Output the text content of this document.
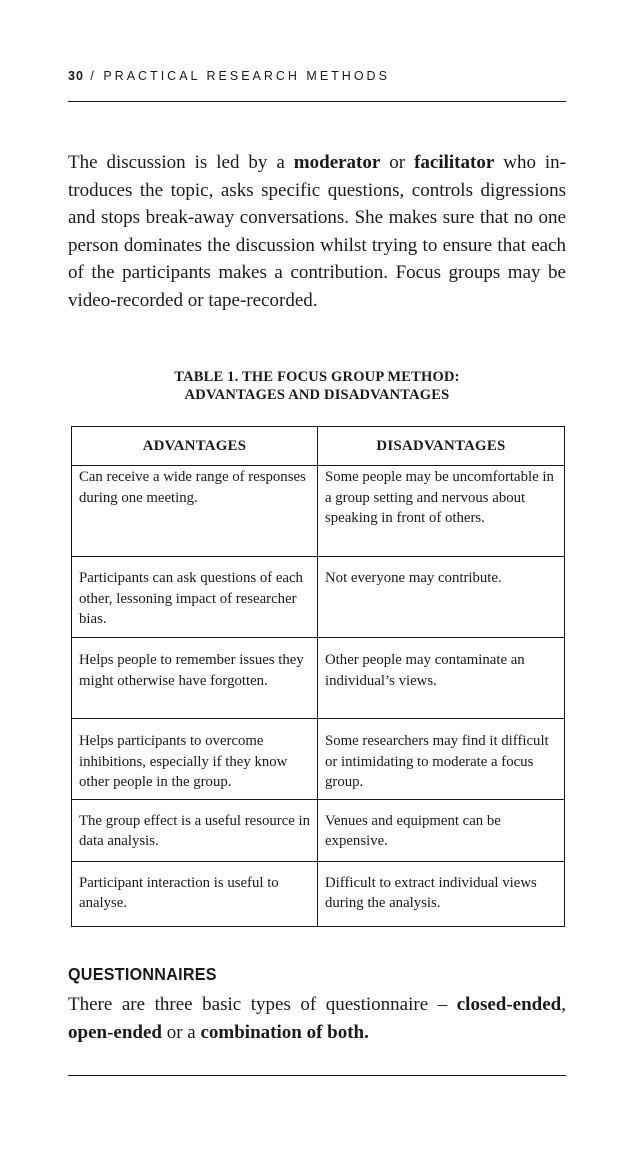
30 / PRACTICAL RESEARCH METHODS

The discussion is led by a moderator or facilitator who introduces the topic, asks specific questions, controls digressions and stops break-away conversations. She makes sure that no one person dominates the discussion whilst trying to ensure that each of the participants makes a contribution. Focus groups may be video-recorded or tape-recorded.

TABLE 1. THE FOCUS GROUP METHOD:
ADVANTAGES AND DISADVANTAGES
ADVANTAGES	DISADVANTAGES
Can receive a wide range of responses during one meeting.	Some people may be uncomfortable in a group setting and nervous about speaking in front of others.
Participants can ask questions of each other, lessoning impact of researcher bias.	Not everyone may contribute.
Helps people to remember issues they might otherwise have forgotten.	Other people may contaminate an individual’s views.
Helps participants to overcome inhibitions, especially if they know other people in the group.	Some researchers may find it difficult or intimidating to moderate a focus group.
The group effect is a useful resource in data analysis.	Venues and equipment can be expensive.
Participant interaction is useful to analyse.	Difficult to extract individual views during the analysis.
QUESTIONNAIRES

There are three basic types of questionnaire – closed-ended, open-ended or a combination of both.
